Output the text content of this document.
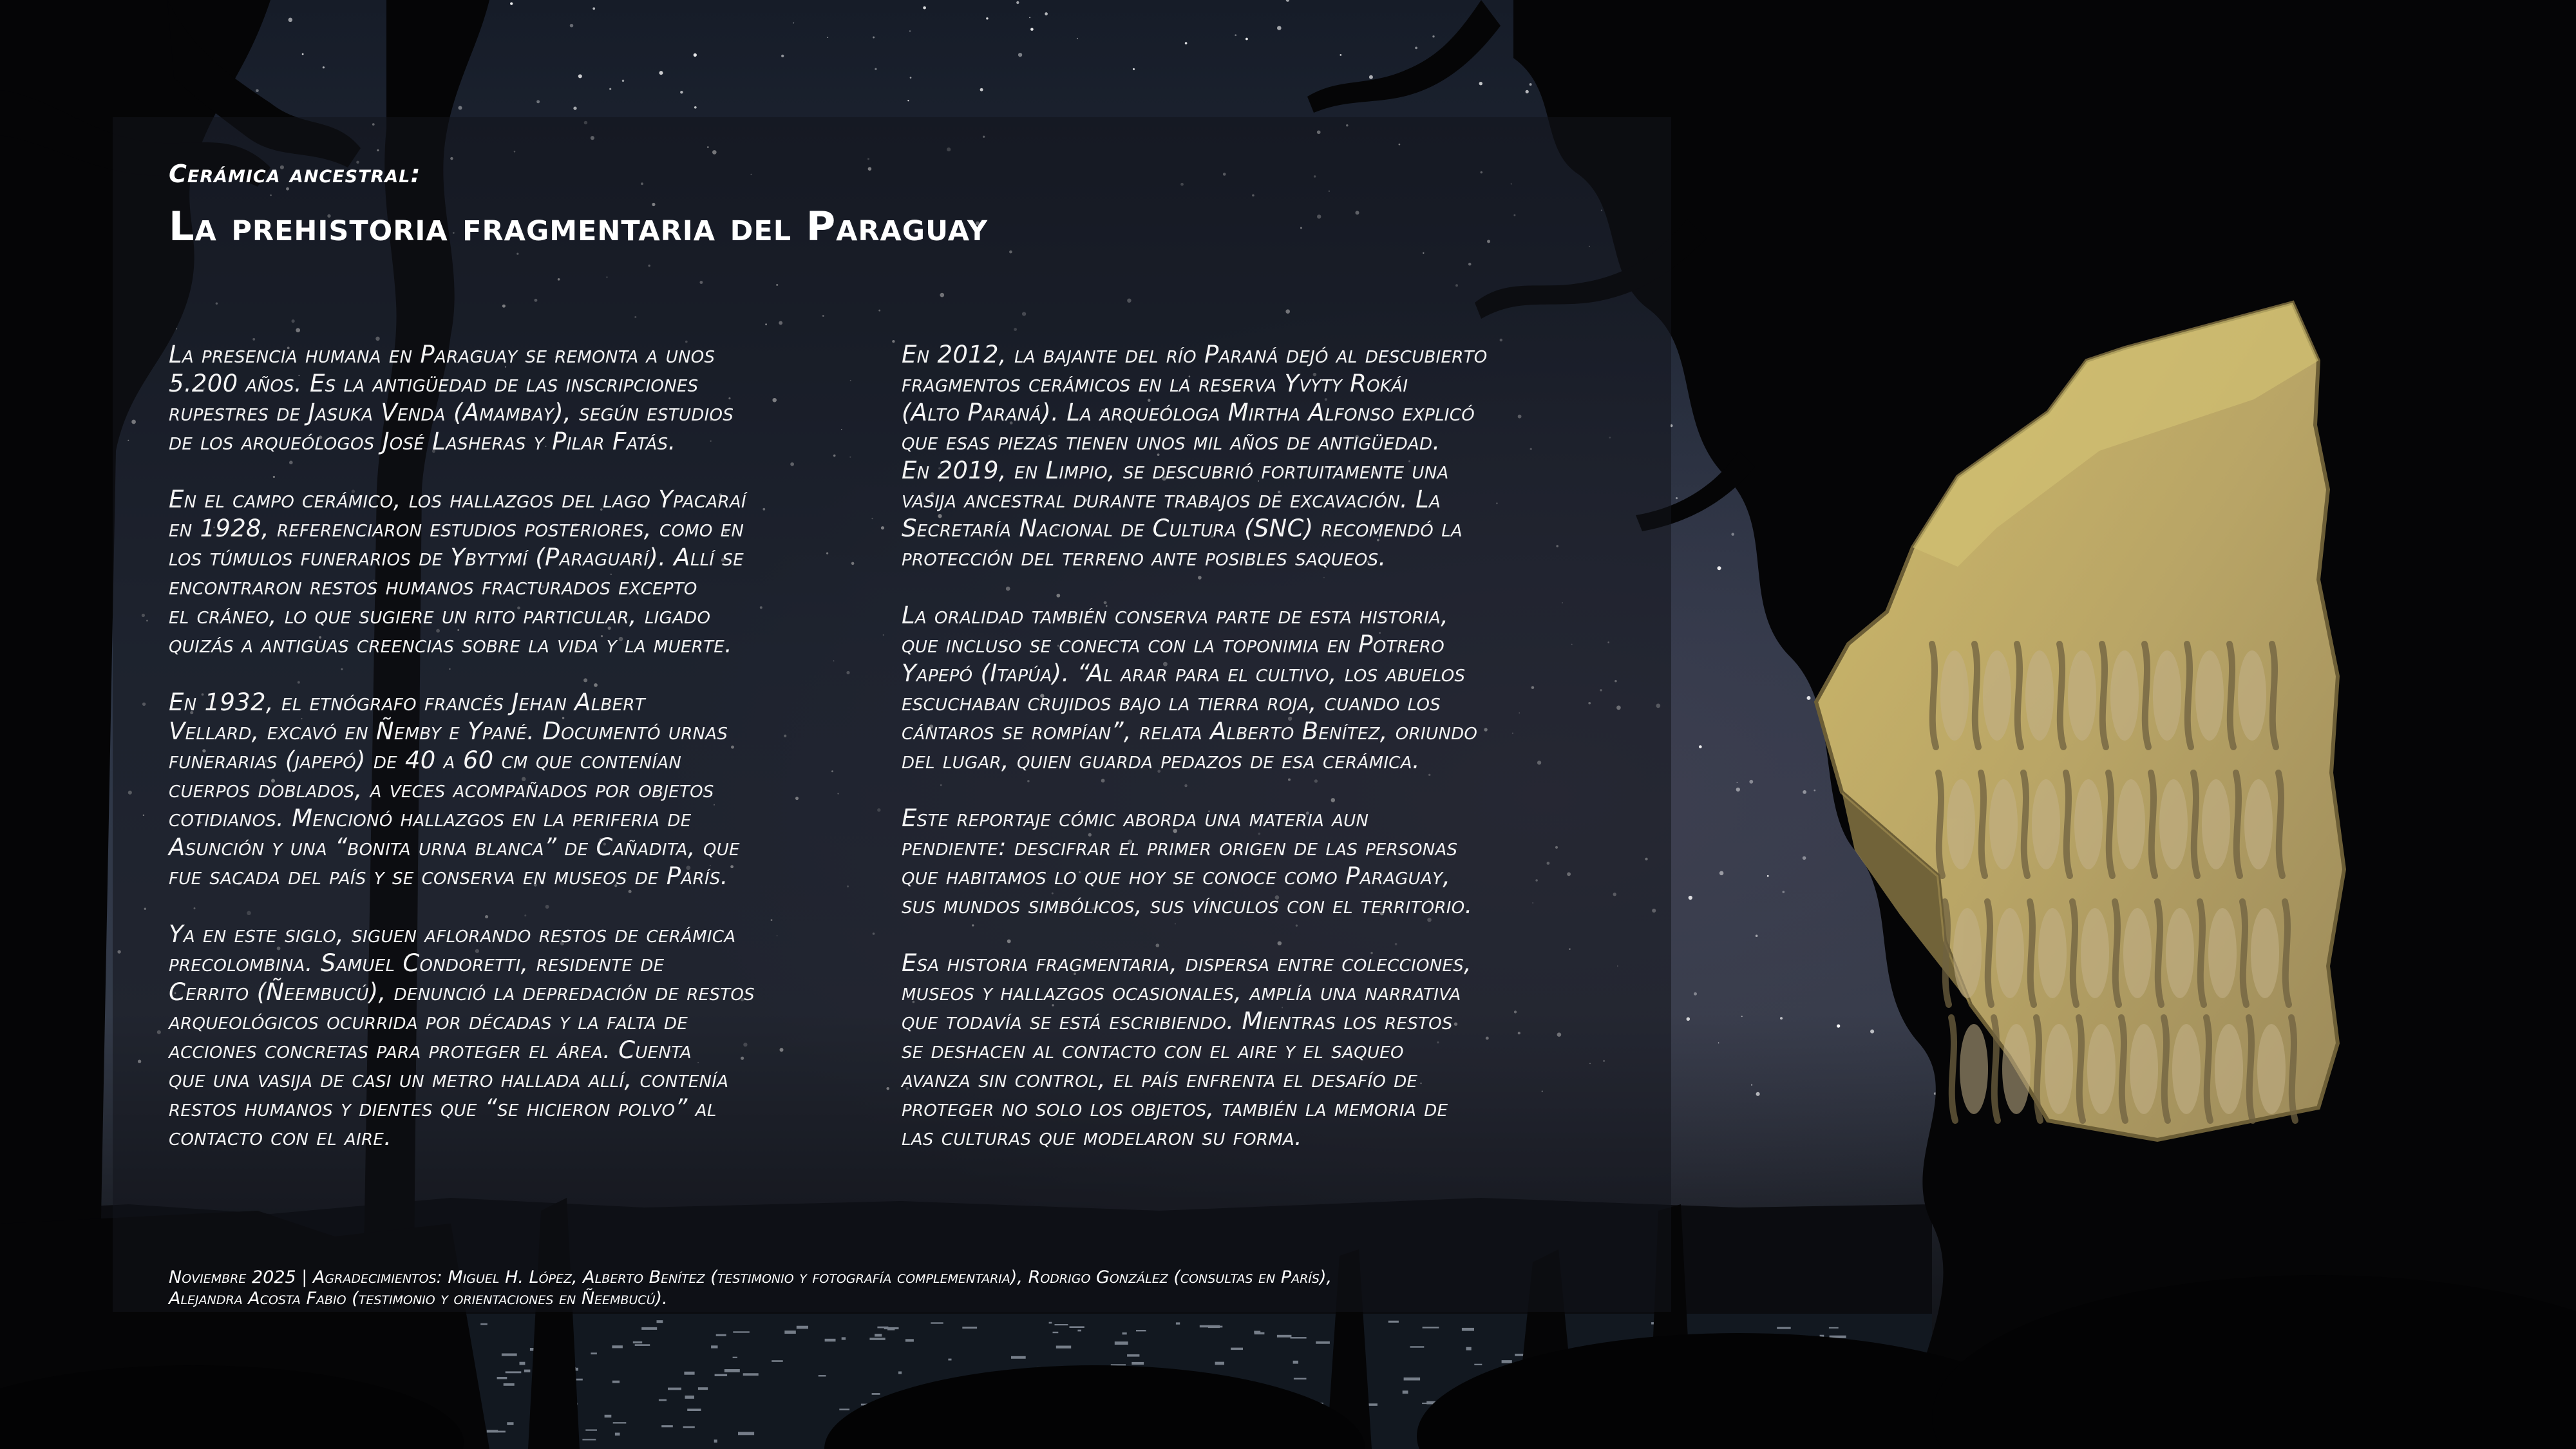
Cerámica ancestral:
La prehistoria fragmentaria del Paraguay

La presencia humana en Paraguay se remonta a unos
5.200 años. Es la antigüedad de las inscripciones
rupestres de Jasuka Venda (Amambay), según estudios
de los arqueólogos José Lasheras y Pilar Fatás.

En el campo cerámico, los hallazgos del lago Ypacaraí
en 1928, referenciaron estudios posteriores, como en
los túmulos funerarios de Ybytymí (Paraguarí). Allí se
encontraron restos humanos fracturados excepto
el cráneo, lo que sugiere un rito particular, ligado
quizás a antiguas creencias sobre la vida y la muerte.

En 1932, el etnógrafo francés Jehan Albert
Vellard, excavó en Ñemby e Ypané. Documentó urnas
funerarias (japepó) de 40 a 60 cm que contenían
cuerpos doblados, a veces acompañados por objetos
cotidianos. Mencionó hallazgos en la periferia de
Asunción y una “bonita urna blanca” de Cañadita, que
fue sacada del país y se conserva en museos de París.

Ya en este siglo, siguen aflorando restos de cerámica
precolombina. Samuel Condoretti, residente de
Cerrito (Ñeembucú), denunció la depredación de restos
arqueológicos ocurrida por décadas y la falta de
acciones concretas para proteger el área. Cuenta
que una vasija de casi un metro hallada allí, contenía
restos humanos y dientes que “se hicieron polvo” al
contacto con el aire.

En 2012, la bajante del río Paraná dejó al descubierto
fragmentos cerámicos en la reserva Yvyty Rokái
(Alto Paraná). La arqueóloga Mirtha Alfonso explicó
que esas piezas tienen unos mil años de antigüedad.
En 2019, en Limpio, se descubrió fortuitamente una
vasija ancestral durante trabajos de excavación. La
Secretaría Nacional de Cultura (SNC) recomendó la
protección del terreno ante posibles saqueos.

La oralidad también conserva parte de esta historia,
que incluso se conecta con la toponimia en Potrero
Yapepó (Itapúa). “Al arar para el cultivo, los abuelos
escuchaban crujidos bajo la tierra roja, cuando los
cántaros se rompían”, relata Alberto Benítez, oriundo
del lugar, quien guarda pedazos de esa cerámica.

Este reportaje cómic aborda una materia aun
pendiente: descifrar el primer origen de las personas
que habitamos lo que hoy se conoce como Paraguay,
sus mundos simbólicos, sus vínculos con el territorio.

Esa historia fragmentaria, dispersa entre colecciones,
museos y hallazgos ocasionales, amplía una narrativa
que todavía se está escribiendo. Mientras los restos
se deshacen al contacto con el aire y el saqueo
avanza sin control, el país enfrenta el desafío de
proteger no solo los objetos, también la memoria de
las culturas que modelaron su forma.

Noviembre 2025 | Agradecimientos: Miguel H. López, Alberto Benítez (testimonio y fotografía complementaria), Rodrigo González (consultas en París),
Alejandra Acosta Fabio (testimonio y orientaciones en Ñeembucú).
